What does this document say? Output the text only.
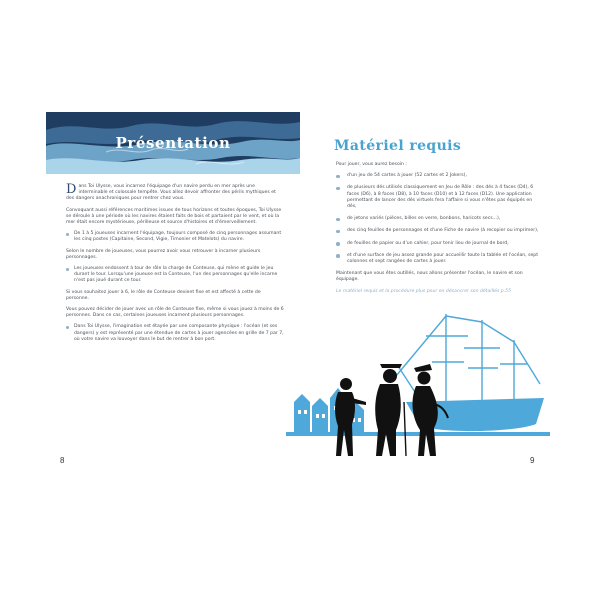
Présentation

Dans Toi Ulysse, vous incarnez l'équipage d'un navire perdu en mer après une interminable et colossale tempête. Vous allez devoir affronter des périls mythiques et des dangers anachroniques pour rentrer chez vous.

Convoquant aussi références maritimes issues de tous horizons et toutes époques, Toi Ulysse se déroule à une période où les navires étaient faits de bois et partaient par le vent, et où la mer était encore mystérieuse, périlleuse et source d'histoires et d'émerveillement.

De 1 à 5 joueuses incarnent l'équipage, toujours composé de cinq personnages assumant les cinq postes (Capitaine, Second, Vigie, Timonier et Matelots) du navire.

Selon le nombre de joueuses, vous pourrez avoir vous retrouver à incarner plusieurs personnages.

Les joueuses endossent à tour de rôle la charge de Conteuse, qui mène et guide le jeu durant le tour. Lorsqu'une joueuse est la Conteuse, l'un des personnages qu'elle incarne n'est pas joué durant ce tour.

Si vous souhaitez jouer à 6, le rôle de Conteuse devient fixe et est affecté à cette de personne.

Vous pouvez décider de jouer avec un rôle de Conteuse fixe, même si vous jouez à moins de 6 personnes. Dans ce cas, certaines joueuses incarnent plusieurs personnages.

Dans Toi Ulysse, l'imagination est étayée par une composante physique : l'océan (et ses dangers) y est représenté par une étendue de cartes à jouer agencées en grille de 7 par 7, où votre navire va louvoyer dans le but de rentrer à bon port.

8
Matériel requis

Pour jouer, vous aurez besoin :

d'un jeu de 54 cartes à jouer (52 cartes et 2 Jokers),
de plusieurs dés utilisés classiquement en Jeu de Rôle : des dés à 4 faces (D4), 6 faces (D6), à 8 faces (D8), à 10 faces (D10) et à 12 faces (D12). Une application permettant de lancer des dés virtuels fera l'affaire si vous n'êtes pas équipés en dés,
de jetons variés (pièces, billes en verre, bonbons, haricots secs...),
des cinq feuilles de personnages et d'une Fiche de navire (à recopier ou imprimer),
de feuilles de papier ou d'un cahier, pour tenir lieu de journal de bord,
et d'une surface de jeu assez grande pour accueillir toute la tablée et l'océan, sept colonnes et sept rangées de cartes à jouer.

Maintenant que vous êtes outillés, nous allons présenter l'océan, le navire et son équipage.

Le matériel requis et la procédure plus pour en désancrer son détaillés p.55

9
